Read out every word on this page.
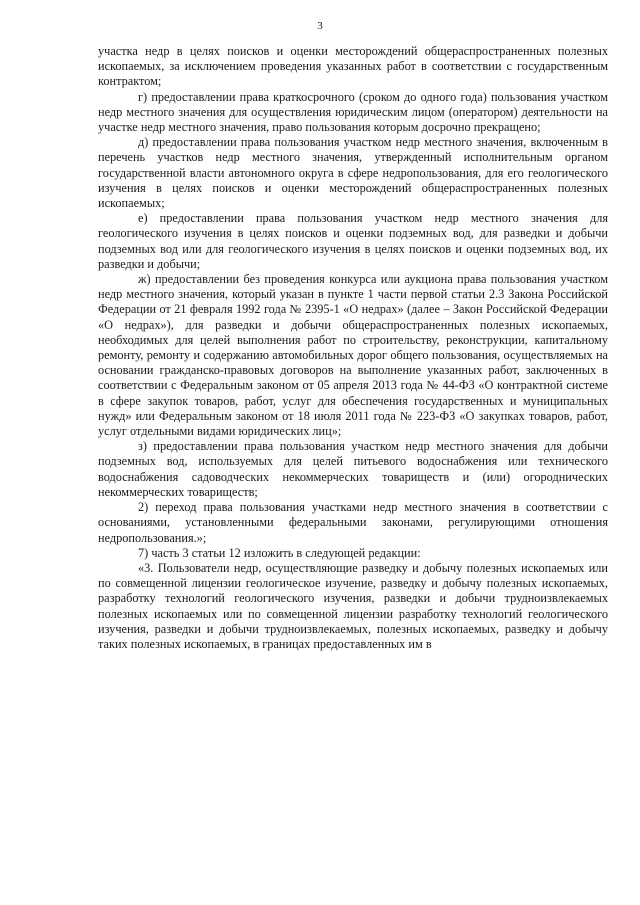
3

участка недр в целях поисков и оценки месторождений общераспространенных полезных ископаемых, за исключением проведения указанных работ в соответствии с государственным контрактом;

г) предоставлении права краткосрочного (сроком до одного года) пользования участком недр местного значения для осуществления юридическим лицом (оператором) деятельности на участке недр местного значения, право пользования которым досрочно прекращено;

д) предоставлении права пользования участком недр местного значения, включенным в перечень участков недр местного значения, утвержденный исполнительным органом государственной власти автономного округа в сфере недропользования, для его геологического изучения в целях поисков и оценки месторождений общераспространенных полезных ископаемых;

е) предоставлении права пользования участком недр местного значения для геологического изучения в целях поисков и оценки подземных вод, для разведки и добычи подземных вод или для геологического изучения в целях поисков и оценки подземных вод, их разведки и добычи;

ж) предоставлении без проведения конкурса или аукциона права пользования участком недр местного значения, который указан в пункте 1 части первой статьи 2.3 Закона Российской Федерации от 21 февраля 1992 года № 2395-1 «О недрах» (далее – Закон Российской Федерации «О недрах»), для разведки и добычи общераспространенных полезных ископаемых, необходимых для целей выполнения работ по строительству, реконструкции, капитальному ремонту, ремонту и содержанию автомобильных дорог общего пользования, осуществляемых на основании гражданско-правовых договоров на выполнение указанных работ, заключенных в соответствии с Федеральным законом от 05 апреля 2013 года № 44-ФЗ «О контрактной системе в сфере закупок товаров, работ, услуг для обеспечения государственных и муниципальных нужд» или Федеральным законом от 18 июля 2011 года № 223-ФЗ «О закупках товаров, работ, услуг отдельными видами юридических лиц»;

з) предоставлении права пользования участком недр местного значения для добычи подземных вод, используемых для целей питьевого водоснабжения или технического водоснабжения садоводческих некоммерческих товариществ и (или) огороднических некоммерческих товариществ;

2) переход права пользования участками недр местного значения в соответствии с основаниями, установленными федеральными законами, регулирующими отношения недропользования.»;

7) часть 3 статьи 12 изложить в следующей редакции:

«3. Пользователи недр, осуществляющие разведку и добычу полезных ископаемых или по совмещенной лицензии геологическое изучение, разведку и добычу полезных ископаемых, разработку технологий геологического изучения, разведки и добычи трудноизвлекаемых полезных ископаемых или по совмещенной лицензии разработку технологий геологического изучения, разведки и добычи трудноизвлекаемых, полезных ископаемых, разведку и добычу таких полезных ископаемых, в границах предоставленных им в
